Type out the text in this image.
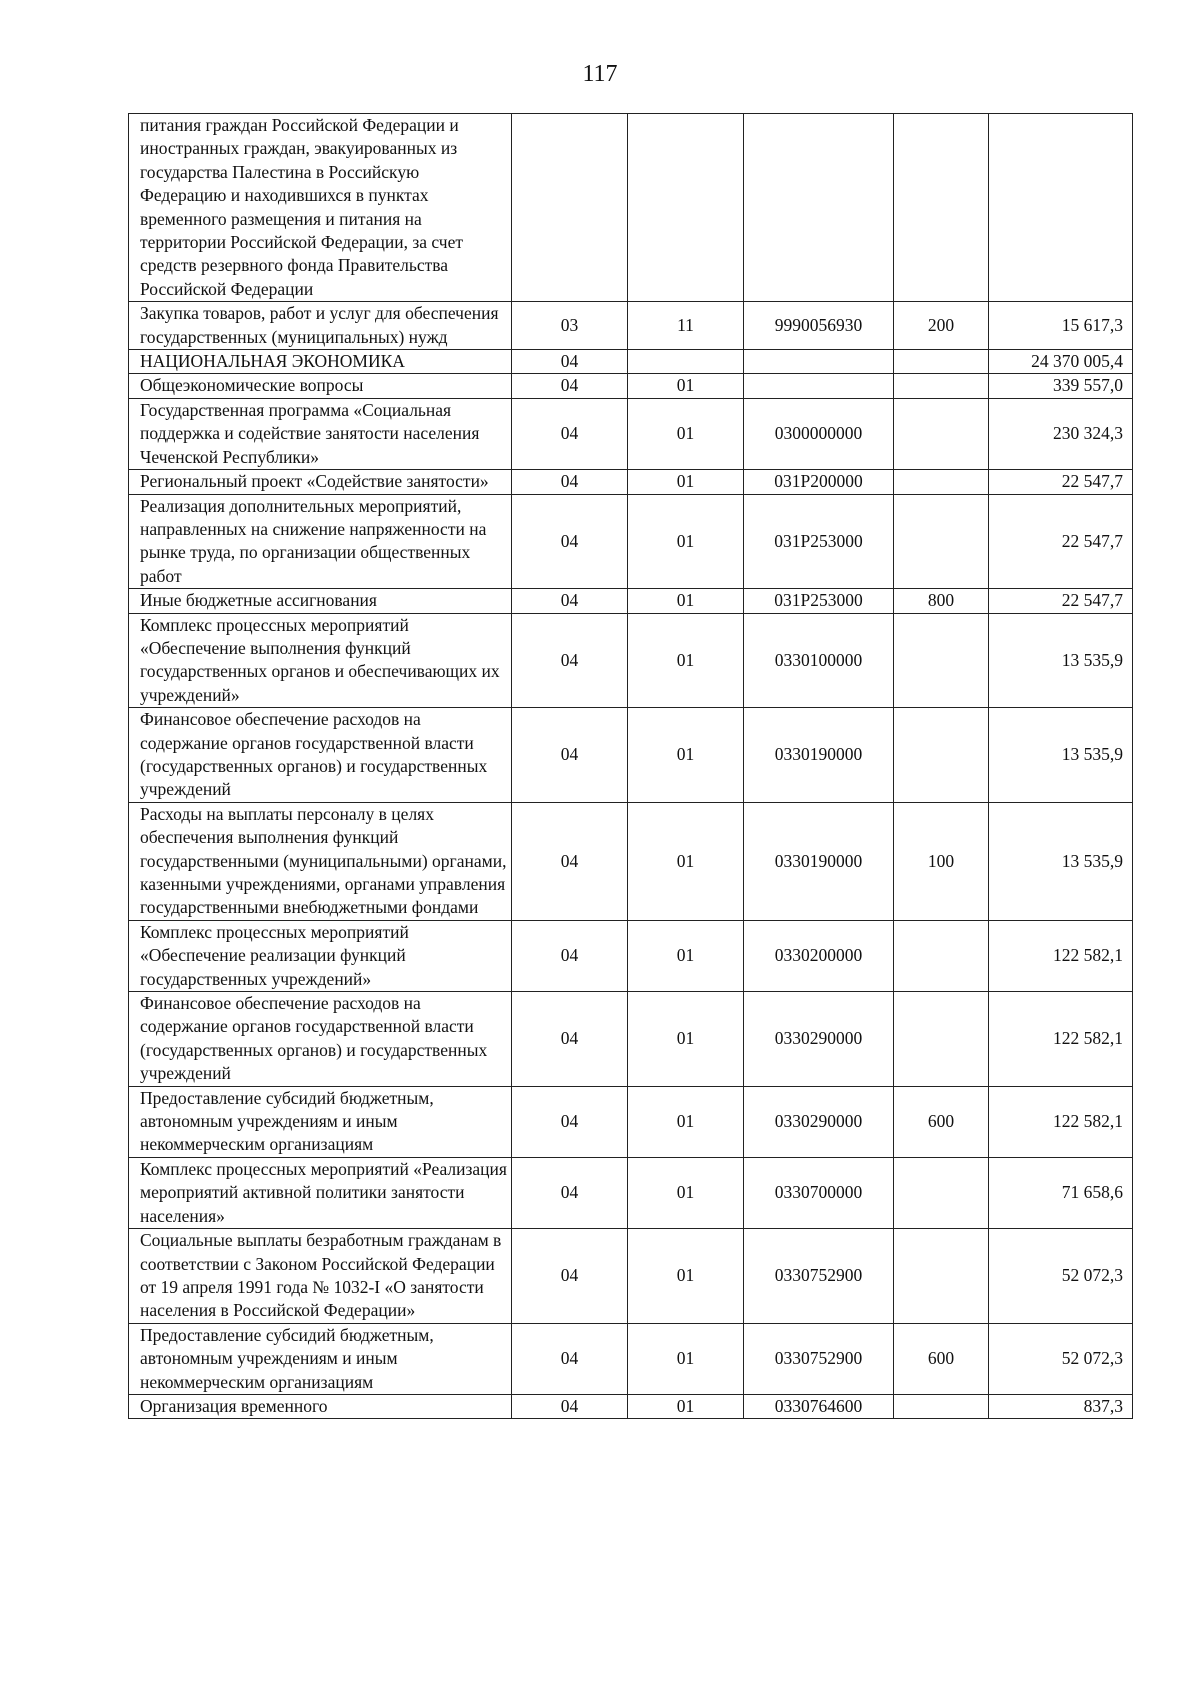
117
питания граждан Российской Федерации и иностранных граждан, эвакуированных из государства Палестина в Российскую Федерацию и находившихся в пунктах временного размещения и питания на территории Российской Федерации, за счет средств резервного фонда Правительства Российской Федерации					
Закупка товаров, работ и услуг для обеспечения государственных (муниципальных) нужд	03	11	9990056930	200	15 617,3
НАЦИОНАЛЬНАЯ ЭКОНОМИКА	04				24 370 005,4
Общеэкономические вопросы	04	01			339 557,0
Государственная программа «Социальная поддержка и содействие занятости населения Чеченской Республики»	04	01	0300000000		230 324,3
Региональный проект «Содействие занятости»	04	01	031P200000		22 547,7
Реализация дополнительных мероприятий, направленных на снижение напряженности на рынке труда, по организации общественных работ	04	01	031P253000		22 547,7
Иные бюджетные ассигнования	04	01	031P253000	800	22 547,7
Комплекс процессных мероприятий «Обеспечение выполнения функций государственных органов и обеспечивающих их учреждений»	04	01	0330100000		13 535,9
Финансовое обеспечение расходов на содержание органов государственной власти (государственных органов) и государственных учреждений	04	01	0330190000		13 535,9
Расходы на выплаты персоналу в целях обеспечения выполнения функций государственными (муниципальными) органами, казенными учреждениями, органами управления государственными внебюджетными фондами	04	01	0330190000	100	13 535,9
Комплекс процессных мероприятий «Обеспечение реализации функций государственных учреждений»	04	01	0330200000		122 582,1
Финансовое обеспечение расходов на содержание органов государственной власти (государственных органов) и государственных учреждений	04	01	0330290000		122 582,1
Предоставление субсидий бюджетным, автономным учреждениям и иным некоммерческим организациям	04	01	0330290000	600	122 582,1
Комплекс процессных мероприятий «Реализация мероприятий активной политики занятости населения»	04	01	0330700000		71 658,6
Социальные выплаты безработным гражданам в соответствии с Законом Российской Федерации от 19 апреля 1991 года № 1032-I «О занятости населения в Российской Федерации»	04	01	0330752900		52 072,3
Предоставление субсидий бюджетным, автономным учреждениям и иным некоммерческим организациям	04	01	0330752900	600	52 072,3
Организация временного	04	01	0330764600		837,3
